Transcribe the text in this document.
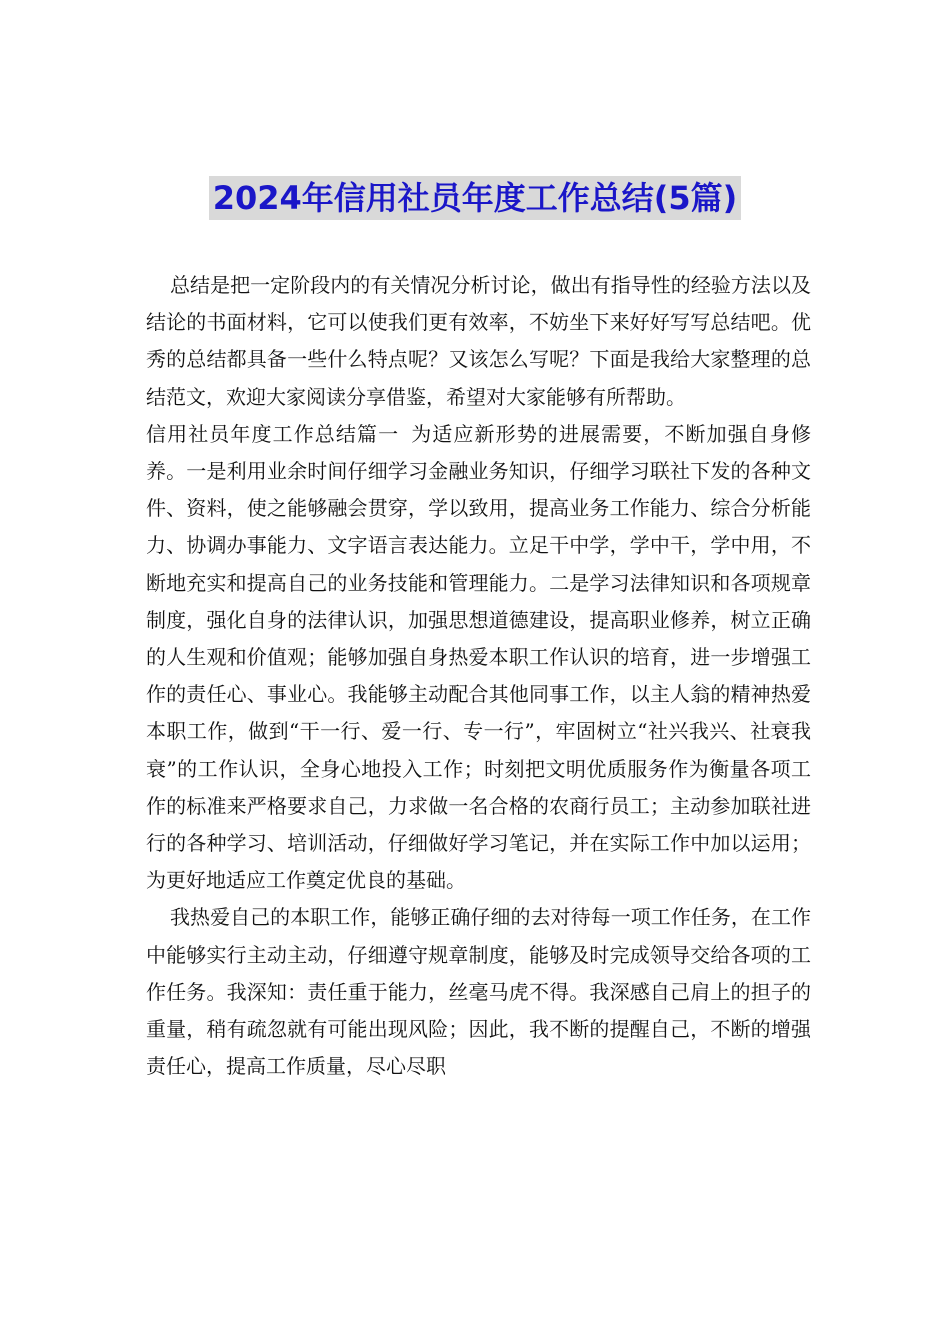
2024年信用社员年度工作总结(5篇)

总结是把一定阶段内的有关情况分析讨论，做出有指导性的经验方法以及结论的书面材料，它可以使我们更有效率，不妨坐下来好好写写总结吧。优秀的总结都具备一些什么特点呢？又该怎么写呢？下面是我给大家整理的总结范文，欢迎大家阅读分享借鉴，希望对大家能够有所帮助。

信用社员年度工作总结篇一 为适应新形势的进展需要，不断加强自身修养。一是利用业余时间仔细学习金融业务知识，仔细学习联社下发的各种文件、资料，使之能够融会贯穿，学以致用，提高业务工作能力、综合分析能力、协调办事能力、文字语言表达能力。立足干中学，学中干，学中用，不断地充实和提高自己的业务技能和管理能力。二是学习法律知识和各项规章制度，强化自身的法律认识，加强思想道德建设，提高职业修养，树立正确的人生观和价值观；能够加强自身热爱本职工作认识的培育，进一步增强工作的责任心、事业心。我能够主动配合其他同事工作，以主人翁的精神热爱本职工作，做到“干一行、爱一行、专一行”，牢固树立“社兴我兴、社衰我衰”的工作认识，全身心地投入工作；时刻把文明优质服务作为衡量各项工作的标准来严格要求自己，力求做一名合格的农商行员工；主动参加联社进行的各种学习、培训活动，仔细做好学习笔记，并在实际工作中加以运用；为更好地适应工作奠定优良的基础。

我热爱自己的本职工作，能够正确仔细的去对待每一项工作任务，在工作中能够实行主动主动，仔细遵守规章制度，能够及时完成领导交给各项的工作任务。我深知：责任重于能力，丝毫马虎不得。我深感自己肩上的担子的重量，稍有疏忽就有可能出现风险；因此，我不断的提醒自己，不断的增强责任心，提高工作质量，尽心尽职
